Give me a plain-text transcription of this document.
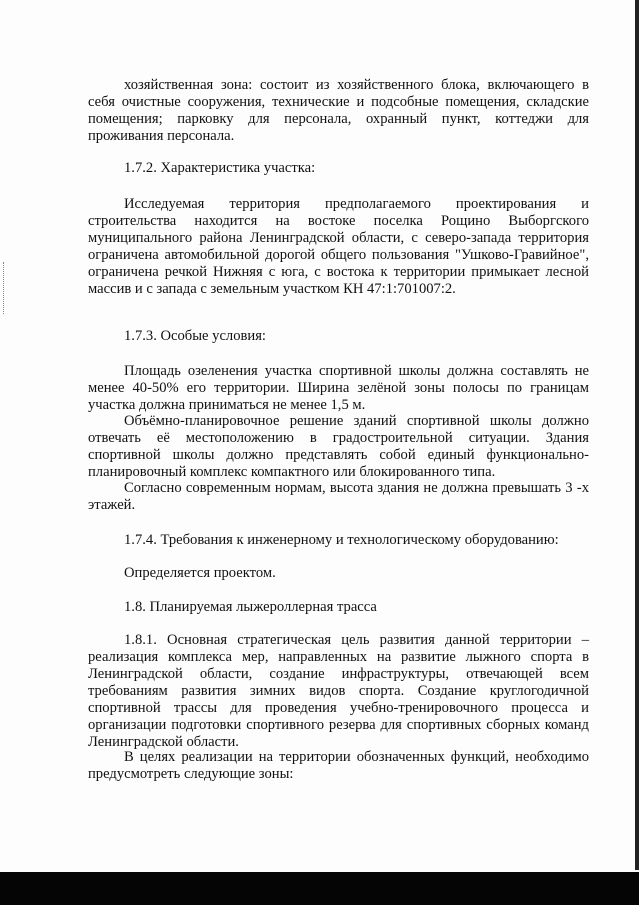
хозяйственная зона: состоит из хозяйственного блока, включающего в себя очистные сооружения, технические и подсобные помещения, складские помещения; парковку для персонала, охранный пункт, коттеджи для проживания персонала.

1.7.2. Характеристика участка:

Исследуемая территория предполагаемого проектирования и строительства находится на востоке поселка Рощино Выборгского муниципального района Ленинградской области, с северо-запада территория ограничена автомобильной дорогой общего пользования "Ушково-Гравийное", ограничена речкой Нижняя с юга, с востока к территории примыкает лесной массив и с запада с земельным участком КН 47:1:701007:2.

1.7.3. Особые условия:

Площадь озеленения участка спортивной школы должна составлять не менее 40-50% его территории. Ширина зелёной зоны полосы по границам участка должна приниматься не менее 1,5 м.

Объёмно-планировочное решение зданий спортивной школы должно отвечать её местоположению в градостроительной ситуации. Здания спортивной школы должно представлять собой единый функционально-планировочный комплекс компактного или блокированного типа.

Согласно современным нормам, высота здания не должна превышать 3 -х этажей.

1.7.4. Требования к инженерному и технологическому оборудованию:

Определяется проектом.

1.8. Планируемая лыжероллерная трасса

1.8.1. Основная стратегическая цель развития данной территории – реализация комплекса мер, направленных на развитие лыжного спорта в Ленинградской области, создание инфраструктуры, отвечающей всем требованиям развития зимних видов спорта. Создание круглогодичной спортивной трассы для проведения учебно-тренировочного процесса и организации подготовки спортивного резерва для спортивных сборных команд Ленинградской области.

В целях реализации на территории обозначенных функций, необходимо предусмотреть следующие зоны:
